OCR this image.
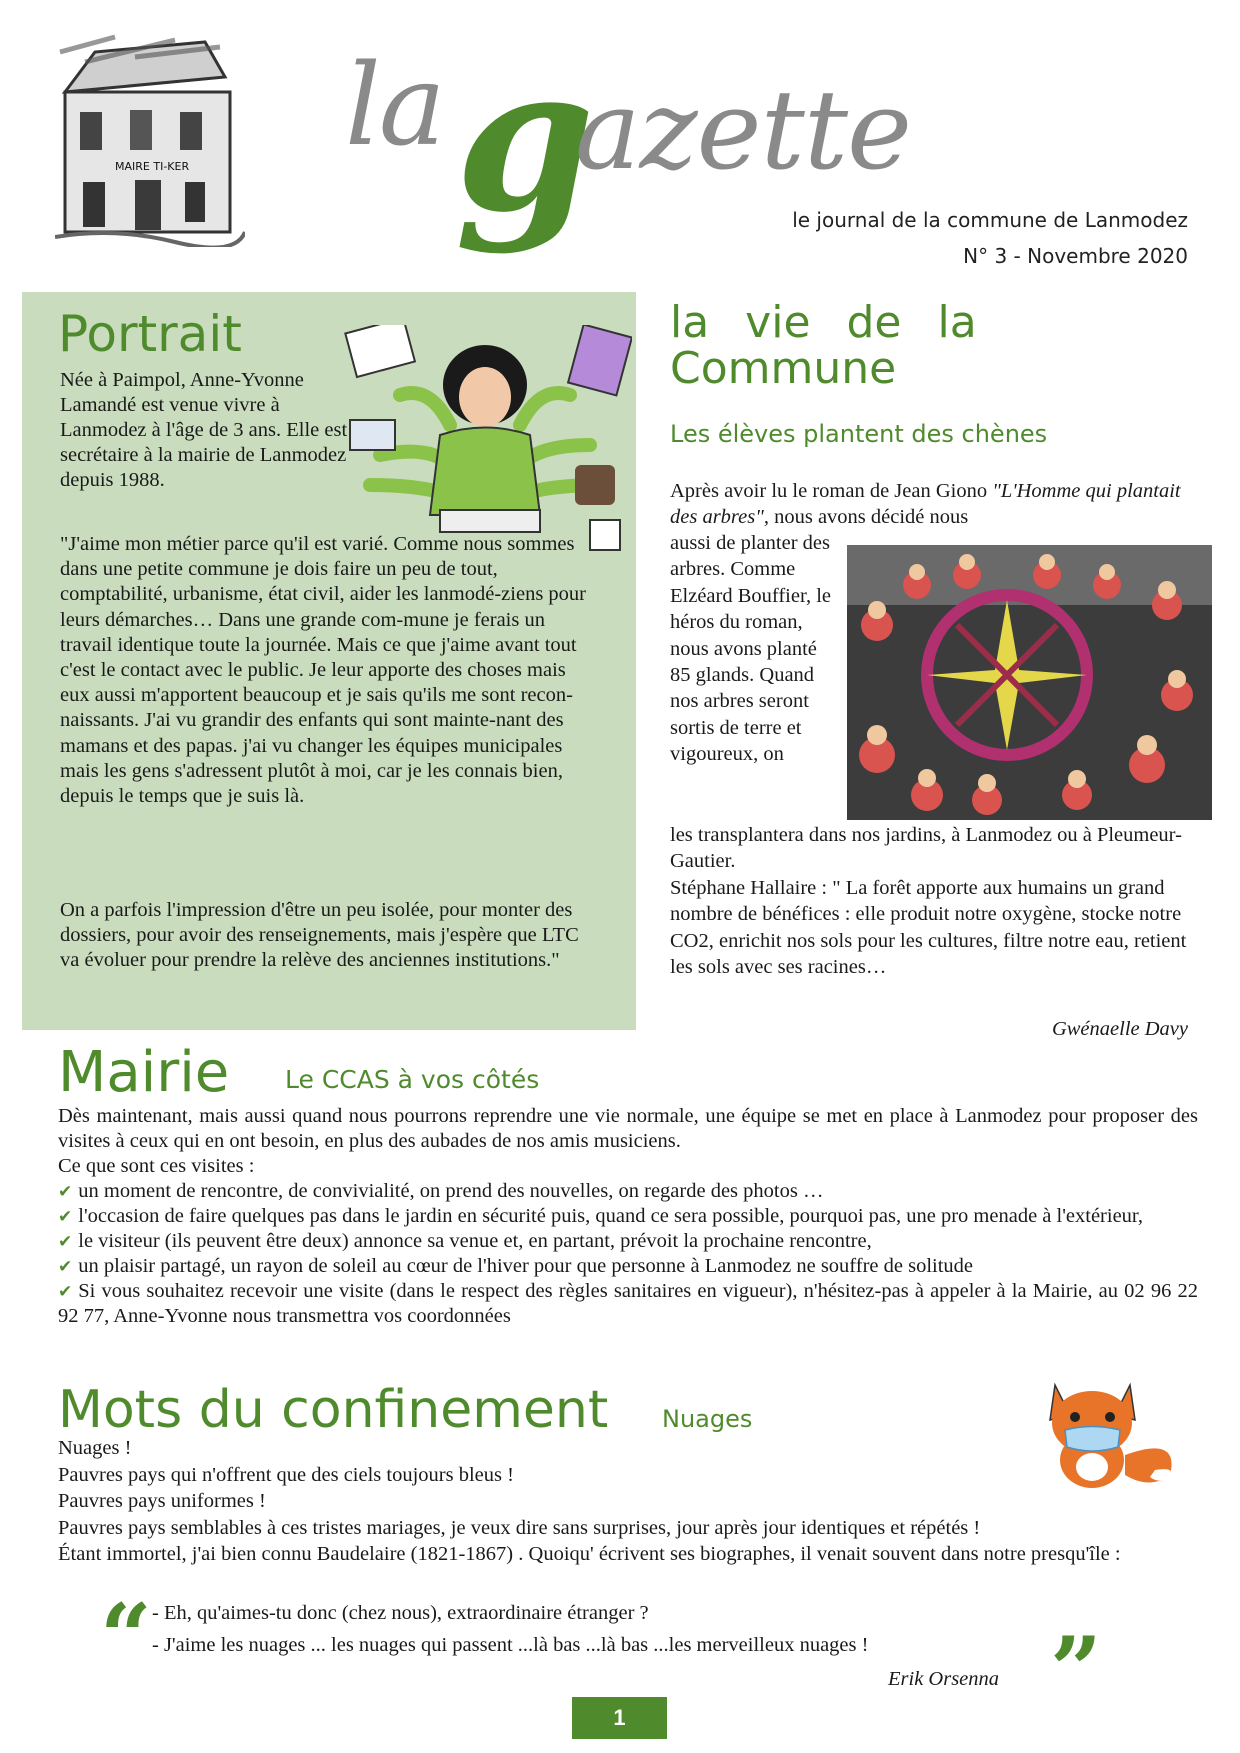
MAIRE TI-KER la g
azette
le journal de la commune de Lanmodez
N° 3 - Novembre 2020
Portrait

Née à Paimpol, Anne-Yvonne Lamandé est venue vivre à Lanmodez à l'âge de 3 ans. Elle est secrétaire à la mairie de Lanmodez depuis 1988.

"J'aime mon métier parce qu'il est varié. Comme nous sommes dans une petite commune je dois faire un peu de tout, comptabilité, urbanisme, état civil, aider les lanmodé-ziens pour leurs démarches… Dans une grande com-mune je ferais un travail identique toute la journée. Mais ce que j'aime avant tout c'est le contact avec le public. Je leur apporte des choses mais eux aussi m'apportent beaucoup et je sais qu'ils me sont recon-naissants. J'ai vu grandir des enfants qui sont mainte-nant des mamans et des papas. j'ai vu changer les équipes municipales mais les gens s'adressent plutôt à moi, car je les connais bien, depuis le temps que je suis là.

On a parfois l'impression d'être un peu isolée, pour monter des dossiers, pour avoir des renseignements, mais j'espère que LTC va évoluer pour prendre la relève des anciennes institutions."

la vie de la Commune
Les élèves plantent des chènes

Après avoir lu le roman de Jean Giono "L'Homme qui plantait des arbres", nous avons décidé nous

aussi de planter des arbres. Comme Elzéard Bouffier, le héros du roman, nous avons planté 85 glands. Quand nos arbres seront sortis de terre et vigoureux, on

les transplantera dans nos jardins, à Lanmodez ou à Pleumeur-Gautier.
Stéphane Hallaire : " La forêt apporte aux humains un grand nombre de bénéfices : elle produit notre oxygène, stocke notre CO2, enrichit nos sols pour les cultures, filtre notre eau, retient les sols avec ses racines…

Gwénaelle Davy
Mairie Le CCAS à vos côtés

Dès maintenant, mais aussi quand nous pourrons reprendre une vie normale, une équipe se met en place à Lanmodez pour proposer des visites à ceux qui en ont besoin, en plus des aubades de nos amis musiciens.

Ce que sont ces visites :

✔ un moment de rencontre, de convivialité, on prend des nouvelles, on regarde des photos …

✔ l'occasion de faire quelques pas dans le jardin en sécurité puis, quand ce sera possible, pourquoi pas, une pro menade à l'extérieur,

✔ le visiteur (ils peuvent être deux) annonce sa venue et, en partant, prévoit la prochaine rencontre,

✔ un plaisir partagé, un rayon de soleil au cœur de l'hiver pour que personne à Lanmodez ne souffre de solitude

✔ Si vous souhaitez recevoir une visite (dans le respect des règles sanitaires en vigueur), n'hésitez-pas à appeler à la Mairie, au 02 96 22 92 77, Anne-Yvonne nous transmettra vos coordonnées

Mots du confinement Nuages

Nuages !

Pauvres pays qui n'offrent que des ciels toujours bleus !

Pauvres pays uniformes !

Pauvres pays semblables à ces tristes mariages, je veux dire sans surprises, jour après jour identiques et répétés !

Étant immortel, j'ai bien connu Baudelaire (1821-1867) . Quoiqu' écrivent ses biographes, il venait souvent dans notre presqu'île :

“ - Eh, qu'aimes-tu donc (chez nous), extraordinaire étranger ?

- J'aime les nuages ... les nuages qui passent ...là bas ...là bas ...les merveilleux nuages ! ”
Erik Orsenna
1
